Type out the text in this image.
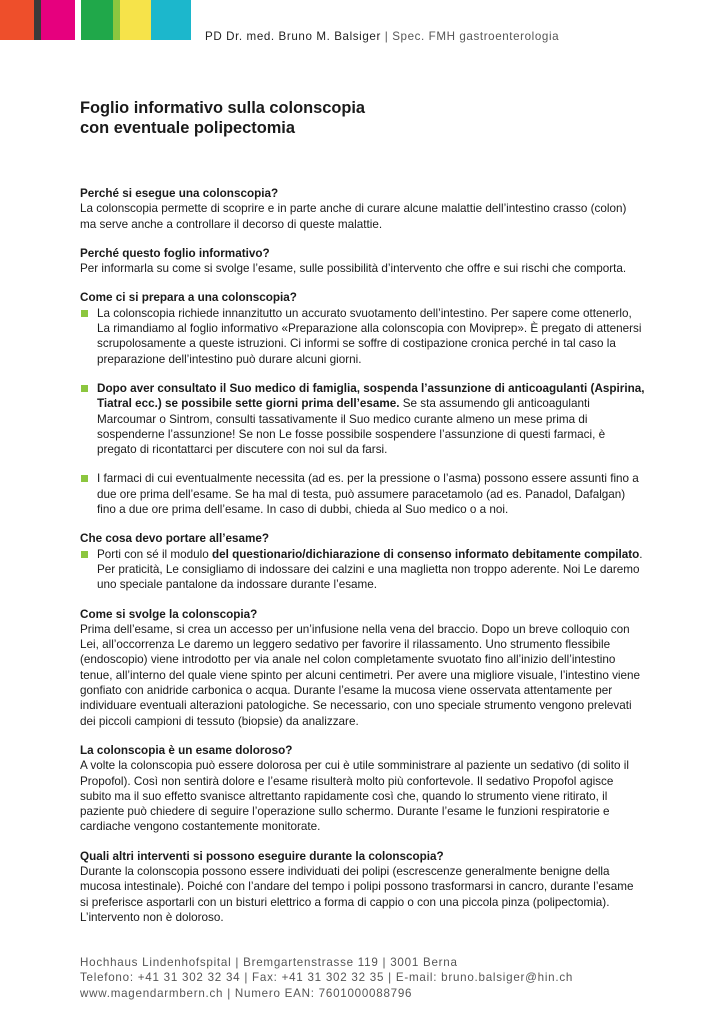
PD Dr. med. Bruno M. Balsiger | Spec. FMH gastroenterologia
Foglio informativo sulla colonscopia
con eventuale polipectomia
Perché si esegue una colonscopia?

La colonscopia permette di scoprire e in parte anche di curare alcune malattie dell’intestino crasso (colon) ma serve anche a controllare il decorso di queste malattie.

Perché questo foglio informativo?

Per informarla su come si svolge l’esame, sulle possibilità d’intervento che offre e sui rischi che comporta.

Come ci si prepara a una colonscopia?
La colonscopia richiede innanzitutto un accurato svuotamento dell’intestino. Per sapere come ottenerlo, La rimandiamo al foglio informativo «Preparazione alla colonscopia con Moviprep». È pregato di attenersi scrupolosamente a queste istruzioni. Ci informi se soffre di costipazione cronica perché in tal caso la preparazione dell’intestino può durare alcuni giorni.
Dopo aver consultato il Suo medico di famiglia, sospenda l’assunzione di anticoagulanti (Aspirina, Tiatral ecc.) se possibile sette giorni prima dell’esame. Se sta assumendo gli anticoagulanti Marcoumar o Sintrom, consulti tassativamente il Suo medico curante almeno un mese prima di sospenderne l’assunzione! Se non Le fosse possibile sospendere l’assunzione di questi farmaci, è pregato di ricontattarci per discutere con noi sul da farsi.
I farmaci di cui eventualmente necessita (ad es. per la pressione o l’asma) possono essere assunti fino a due ore prima dell’esame. Se ha mal di testa, può assumere paracetamolo (ad es. Panadol, Dafalgan) fino a due ore prima dell’esame. In caso di dubbi, chieda al Suo medico o a noi.
Che cosa devo portare all’esame?
Porti con sé il modulo del questionario/dichiarazione di consenso informato debitamente compilato. Per praticità, Le consigliamo di indossare dei calzini e una maglietta non troppo aderente. Noi Le daremo uno speciale pantalone da indossare durante l’esame.
Come si svolge la colonscopia?

Prima dell’esame, si crea un accesso per un’infusione nella vena del braccio. Dopo un breve colloquio con Lei, all’occorrenza Le daremo un leggero sedativo per favorire il rilassamento. Uno strumento flessibile (endoscopio) viene introdotto per via anale nel colon completamente svuotato fino all’inizio dell’intestino tenue, all’interno del quale viene spinto per alcuni centimetri. Per avere una migliore visuale, l’intestino viene gonfiato con anidride carbonica o acqua. Durante l’esame la mucosa viene osservata attentamente per individuare eventuali alterazioni patologiche. Se necessario, con uno speciale strumento vengono prelevati dei piccoli campioni di tessuto (biopsie) da analizzare.

La colonscopia è un esame doloroso?

A volte la colonscopia può essere dolorosa per cui è utile somministrare al paziente un sedativo (di solito il Propofol). Così non sentirà dolore e l’esame risulterà molto più confortevole. Il sedativo Propofol agisce subito ma il suo effetto svanisce altrettanto rapidamente così che, quando lo strumento viene ritirato, il paziente può chiedere di seguire l’operazione sullo schermo. Durante l’esame le funzioni respiratorie e cardiache vengono costantemente monitorate.

Quali altri interventi si possono eseguire durante la colonscopia?

Durante la colonscopia possono essere individuati dei polipi (escrescenze generalmente benigne della mucosa intestinale). Poiché con l’andare del tempo i polipi possono trasformarsi in cancro, durante l’esame si preferisce asportarli con un bisturi elettrico a forma di cappio o con una piccola pinza (polipectomia). L’intervento non è doloroso.

Hochhaus Lindenhofspital | Bremgartenstrasse 119 | 3001 Berna
Telefono: +41 31 302 32 34 | Fax: +41 31 302 32 35 | E-mail: bruno.balsiger@hin.ch
www.magendarmbern.ch | Numero EAN: 7601000088796
